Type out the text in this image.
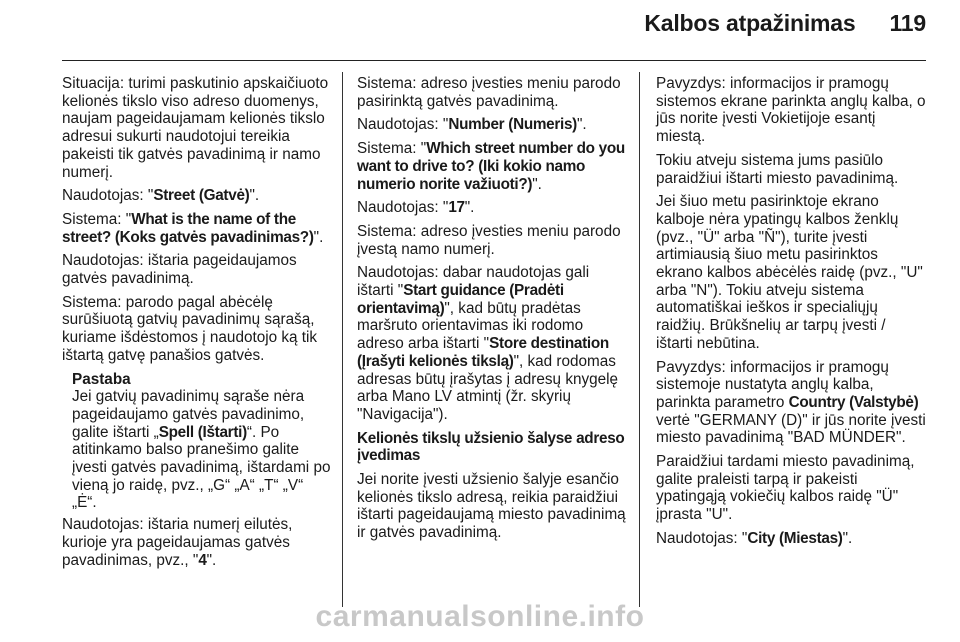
Kalbos atpažinimas 119

Situacija: turimi paskutinio apskaičiuoto kelionės tikslo viso adreso duomenys, naujam pageidaujamam kelionės tikslo adresui sukurti naudotojui tereikia pakeisti tik gatvės pavadinimą ir namo numerį.

Naudotojas: "Street (Gatvė)".

Sistema: "What is the name of the street? (Koks gatvės pavadinimas?)".

Naudotojas: ištaria pageidaujamos gatvės pavadinimą.

Sistema: parodo pagal abėcėlę surūšiuotą gatvių pavadinimų sąrašą, kuriame išdėstomos į naudotojo ką tik ištartą gatvę panašios gatvės.

Pastaba

Jei gatvių pavadinimų sąraše nėra pageidaujamo gatvės pavadinimo, galite ištarti „Spell (Ištarti)“. Po atitinkamo balso pranešimo galite įvesti gatvės pavadinimą, ištardami po vieną jo raidę, pvz., „G“ „A“ „T“ „V“ „Ė“.

Naudotojas: ištaria numerį eilutės, kurioje yra pageidaujamas gatvės pavadinimas, pvz., "4".

Sistema: adreso įvesties meniu parodo pasirinktą gatvės pavadinimą.

Naudotojas: "Number (Numeris)".

Sistema: "Which street number do you want to drive to? (Iki kokio namo numerio norite važiuoti?)".

Naudotojas: "17".

Sistema: adreso įvesties meniu parodo įvestą namo numerį.

Naudotojas: dabar naudotojas gali ištarti "Start guidance (Pradėti orientavimą)", kad būtų pradėtas maršruto orientavimas iki rodomo adreso arba ištarti "Store destination (Įrašyti kelionės tikslą)", kad rodomas adresas būtų įrašytas į adresų knygelę arba Mano LV atmintį (žr. skyrių "Navigacija").

Kelionės tikslų užsienio šalyse adreso įvedimas

Jei norite įvesti užsienio šalyje esančio kelionės tikslo adresą, reikia paraidžiui ištarti pageidaujamą miesto pavadinimą ir gatvės pavadinimą.

Pavyzdys: informacijos ir pramogų sistemos ekrane parinkta anglų kalba, o jūs norite įvesti Vokietijoje esantį miestą.

Tokiu atveju sistema jums pasiūlo paraidžiui ištarti miesto pavadinimą.

Jei šiuo metu pasirinktoje ekrano kalboje nėra ypatingų kalbos ženklų (pvz., "Ü" arba "Ñ"), turite įvesti artimiausią šiuo metu pasirinktos ekrano kalbos abėcėlės raidę (pvz., "U" arba "N"). Tokiu atveju sistema automatiškai ieškos ir specialiųjų raidžių. Brūkšnelių ar tarpų įvesti / ištarti nebūtina.

Pavyzdys: informacijos ir pramogų sistemoje nustatyta anglų kalba, parinkta parametro Country (Valstybė) vertė "GERMANY (D)" ir jūs norite įvesti miesto pavadinimą "BAD MÜNDER".

Paraidžiui tardami miesto pavadinimą, galite praleisti tarpą ir pakeisti ypatingąją vokiečių kalbos raidę "Ü" įprasta "U".

Naudotojas: "City (Miestas)".

carmanualsonline.info
